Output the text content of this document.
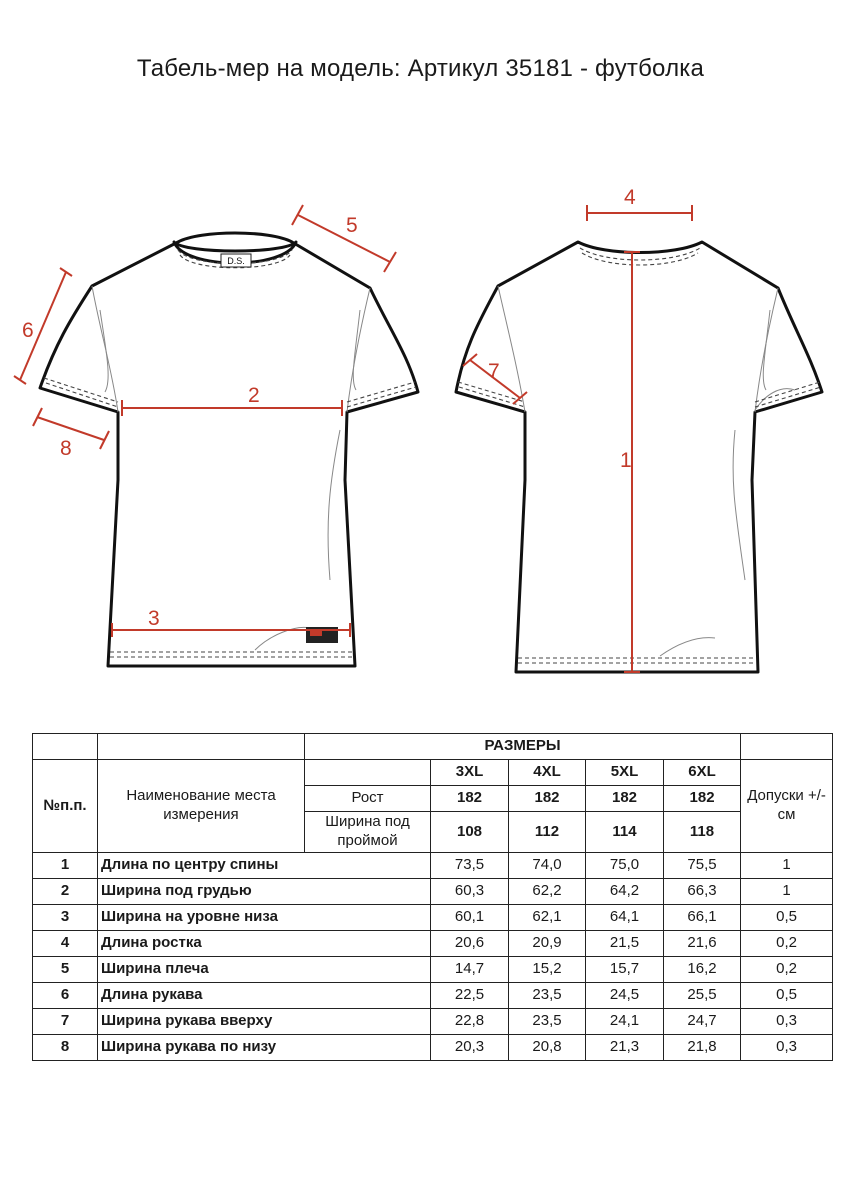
Табель-мер на модель: Артикул 35181 - футболка
D.S.
2
3
5
6
8
1
4
7
		РАЗМЕРЫ					
№п.п.	Наименование места измерения		3XL	4XL	5XL	6XL	Допуски +/- см
		Рост	182	182	182	182	
		Ширина под проймой	108	112	114	118	
1	Длина по центру спины		73,5	74,0	75,0	75,5	1
2	Ширина под грудью		60,3	62,2	64,2	66,3	1
3	Ширина на уровне низа		60,1	62,1	64,1	66,1	0,5
4	Длина ростка		20,6	20,9	21,5	21,6	0,2
5	Ширина плеча		14,7	15,2	15,7	16,2	0,2
6	Длина рукава		22,5	23,5	24,5	25,5	0,5
7	Ширина рукава вверху		22,8	23,5	24,1	24,7	0,3
8	Ширина рукава по низу		20,3	20,8	21,3	21,8	0,3
